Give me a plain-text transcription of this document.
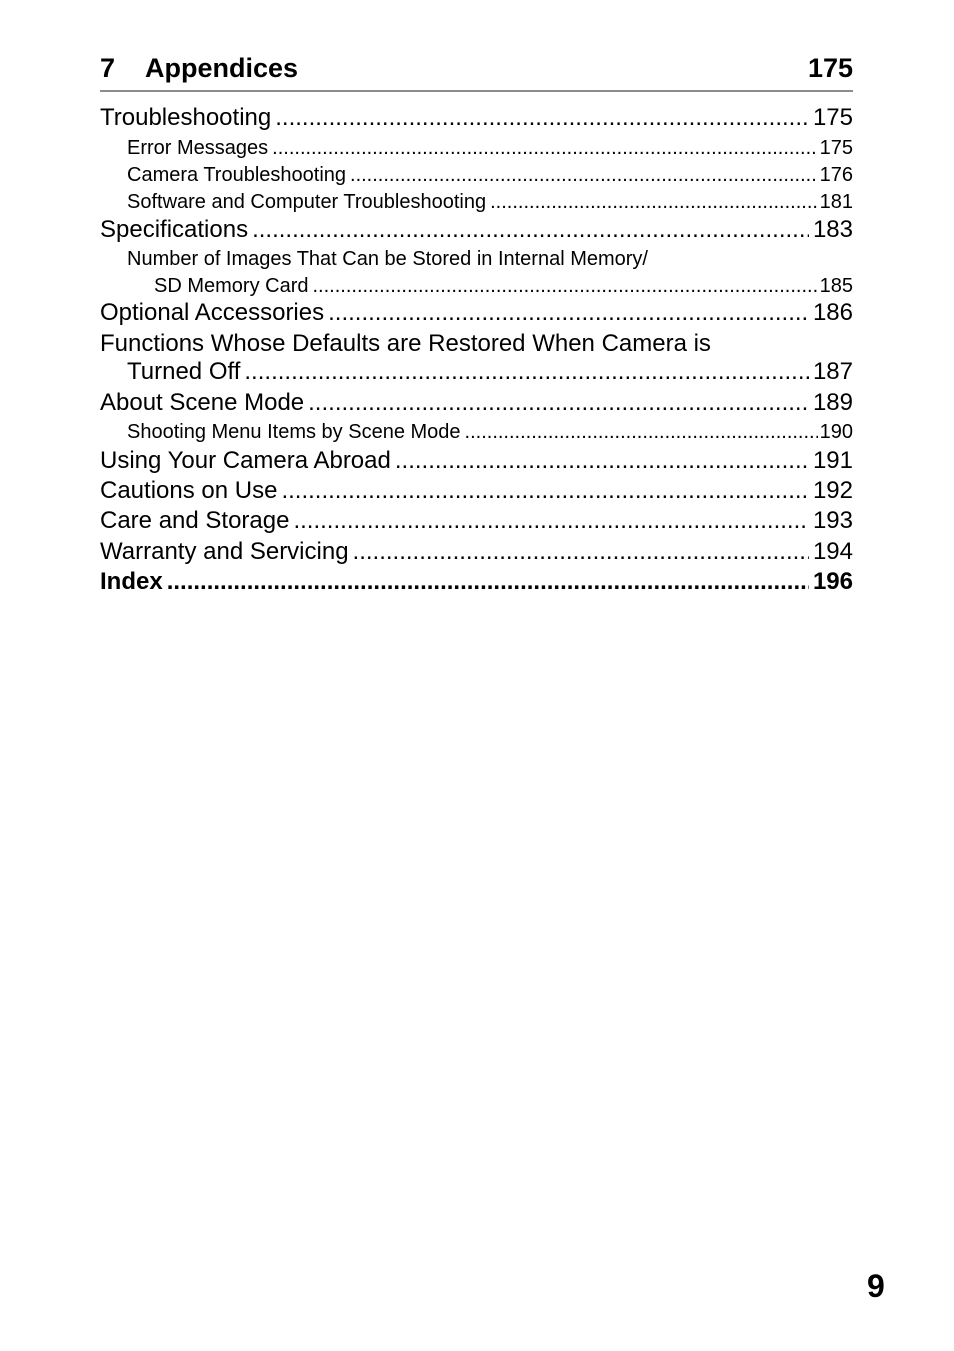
7 Appendices	175
Troubleshooting .....	175
Error Messages .....	175
Camera Troubleshooting .....	176
Software and Computer Troubleshooting .....	181
Specifications .....	183
Number of Images That Can be Stored in Internal Memory/
SD Memory Card .....	185
Optional Accessories .....	186
Functions Whose Defaults are Restored When Camera is
Turned Off .....	187
About Scene Mode .....	189
Shooting Menu Items by Scene Mode .....	190
Using Your Camera Abroad .....	191
Cautions on Use .....	192
Care and Storage .....	193
Warranty and Servicing .....	194
Index .....	196
9
